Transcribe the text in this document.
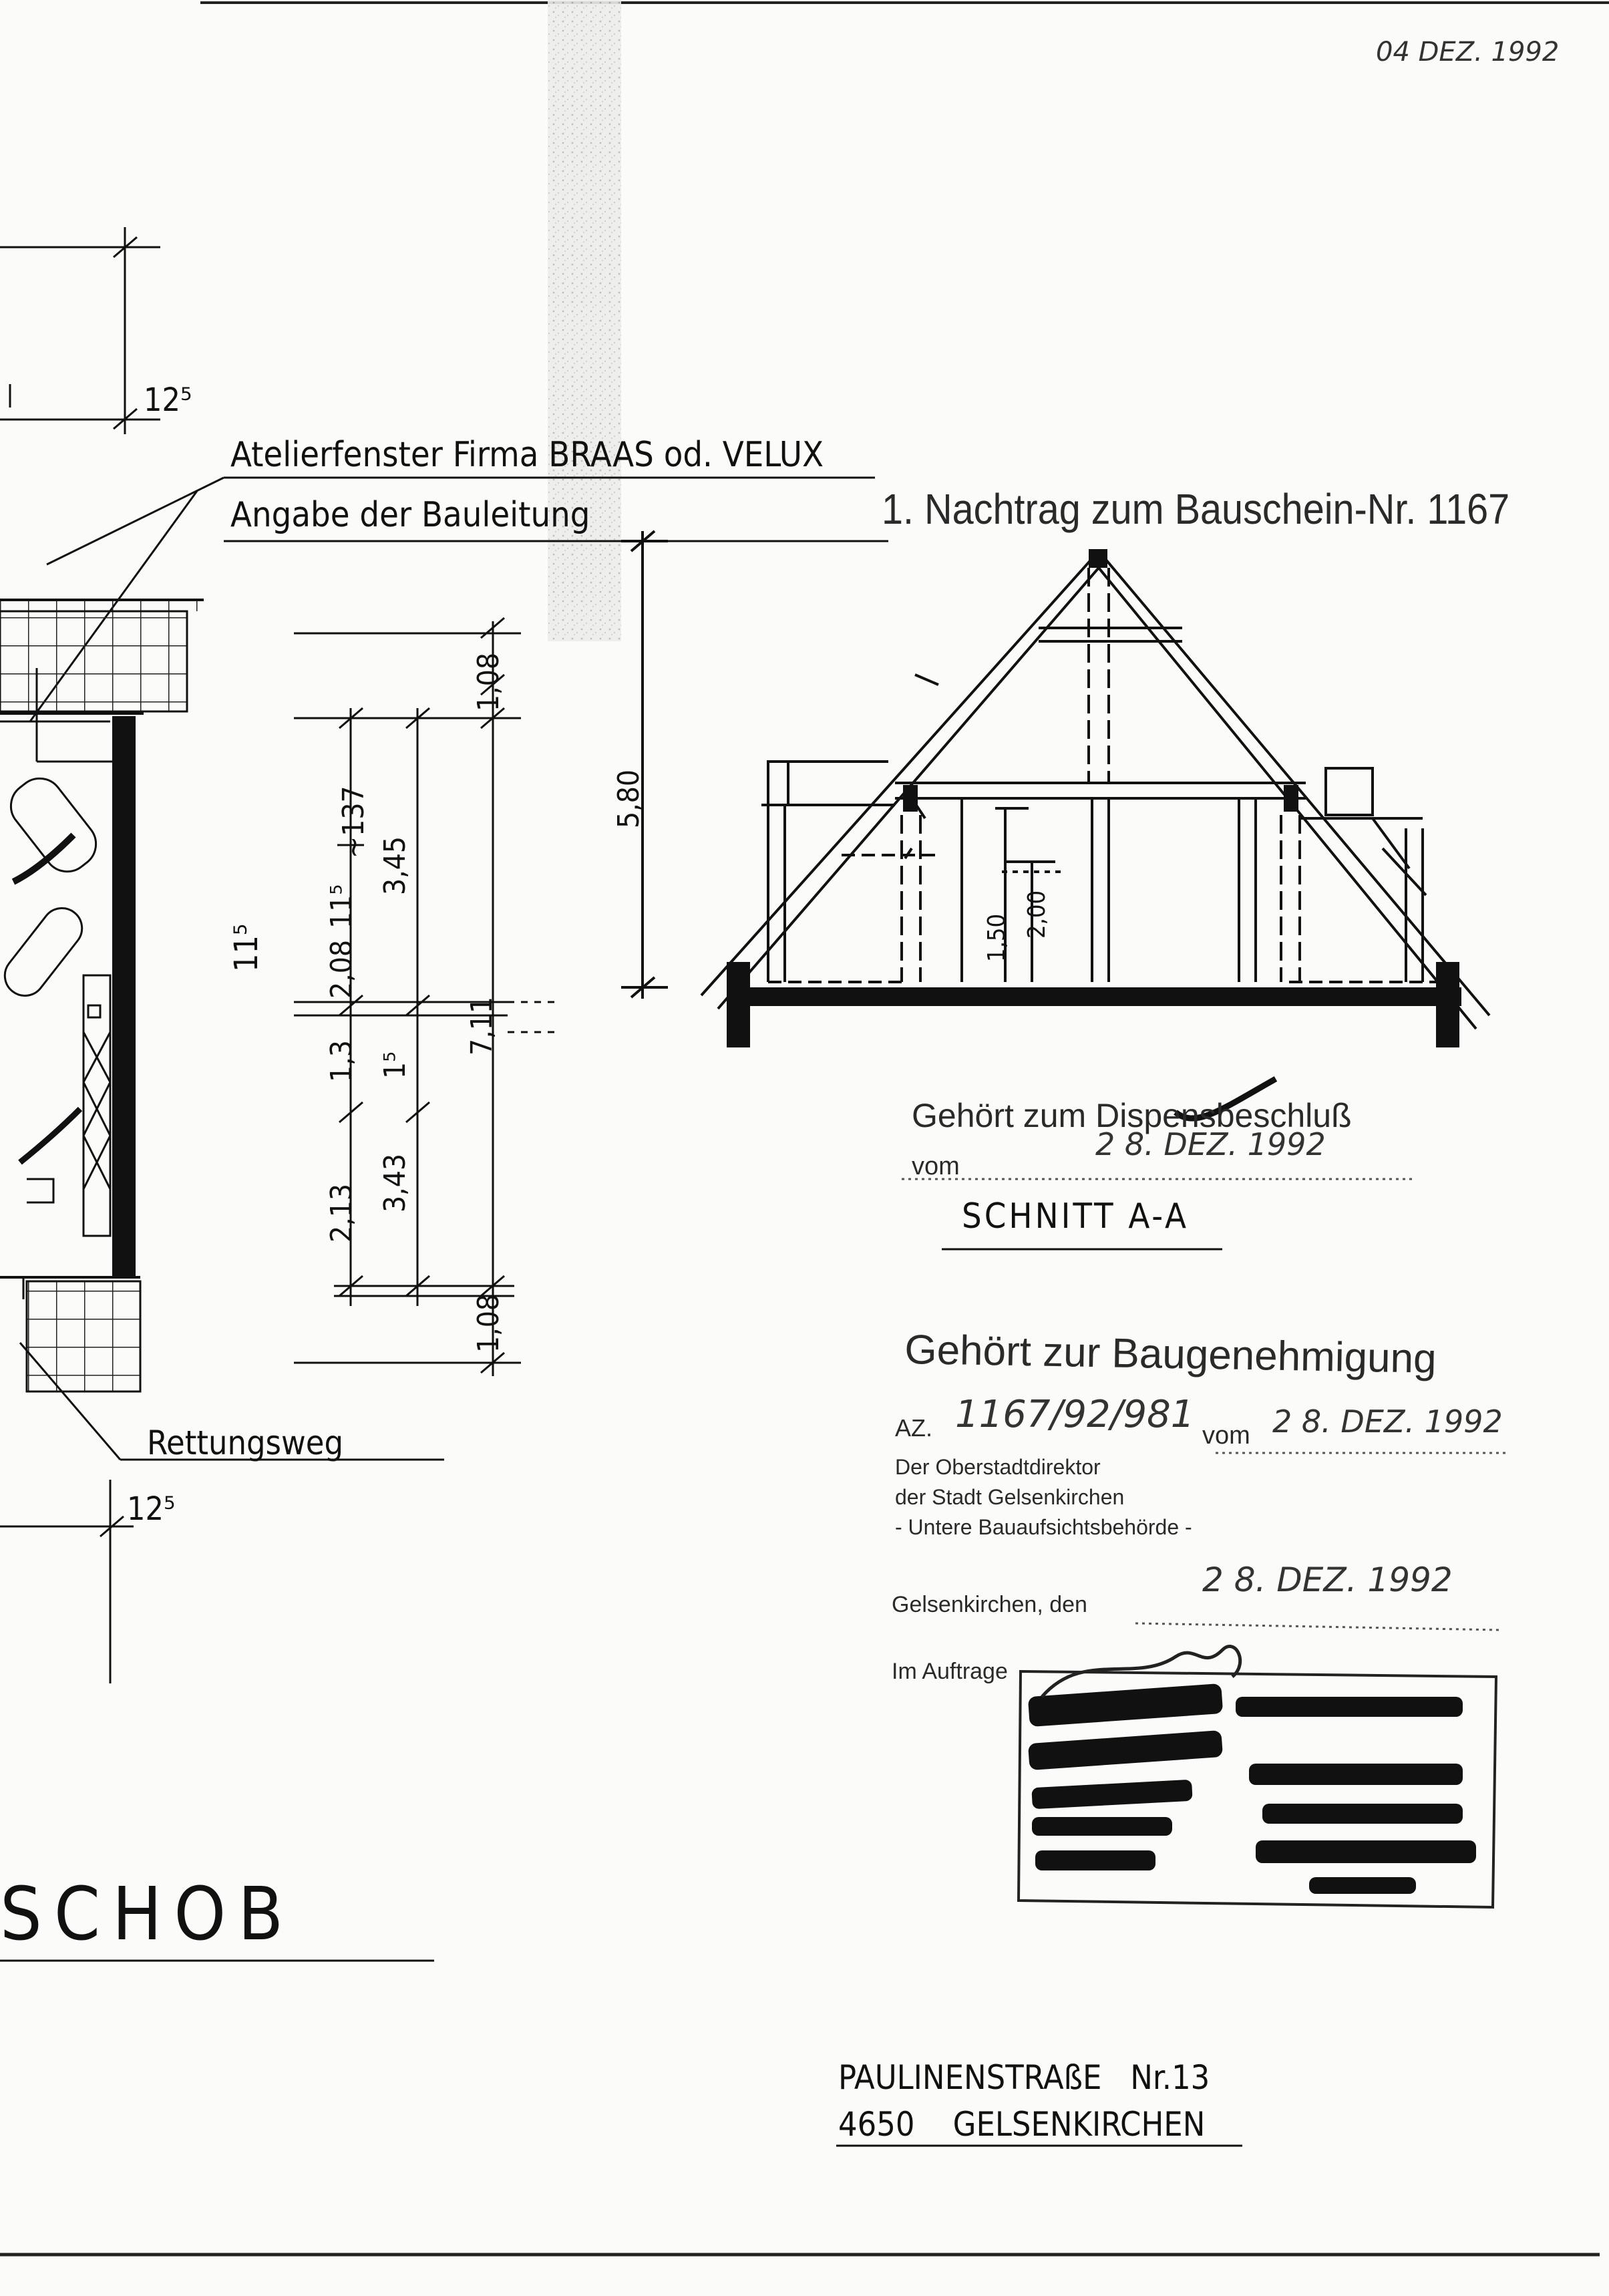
04 DEZ. 1992
Atelierfenster Firma BRAAS od. VELUX
Angabe der Bauleitung	1. Nachtrag zum Bauschein-Nr. 1167
12⁵
12⁵
11⁵
1,08
~137
11⁵
3,45
2,08
7,11
1,3 1⁵
2,13
3,43
1,08
5,80
1,50 2,00
Rettungsweg
SCHOB
SCHNITT A-A
Gehört zum Dispensbeschluß
vom
2 8. DEZ. 1992
Gehört zur Baugenehmigung
AZ. 1167/92/981 vom 2 8. DEZ. 1992
Der Oberstadtdirektor
der Stadt Gelsenkirchen
- Untere Bauaufsichtsbehörde -
2 8. DEZ. 1992
Gelsenkirchen, den
Im Auftrage
PAULINENSTRAßE   Nr.13
4650    GELSENKIRCHEN
